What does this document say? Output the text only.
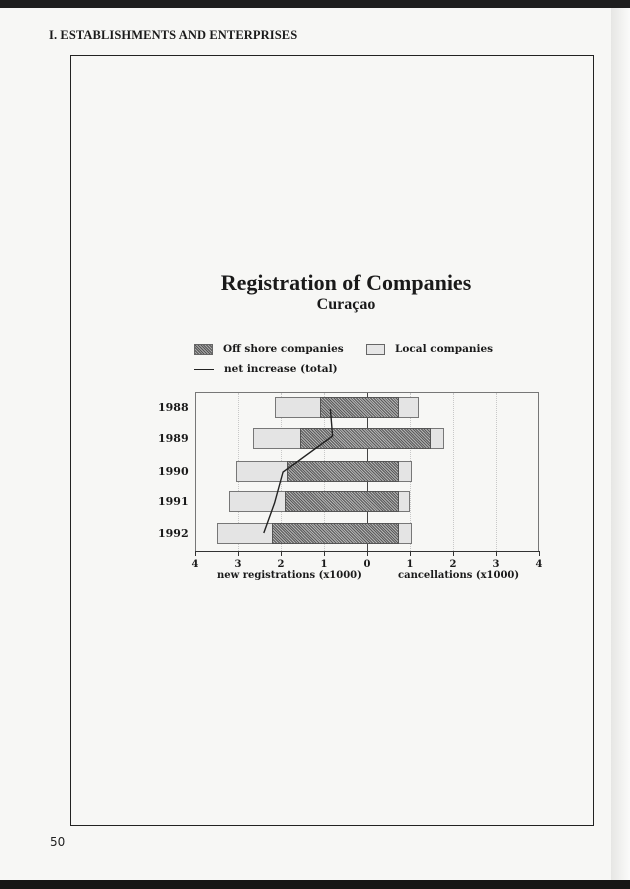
I. ESTABLISHMENTS AND ENTERPRISES
Registration of Companies
Curaçao
Off shore companies	Local companies
net increase (total)
4	3	2	1	0	1	2	3	4
1988
1989
1990
1991
1992
new registrations (x1000)	cancellations (x1000)
50
